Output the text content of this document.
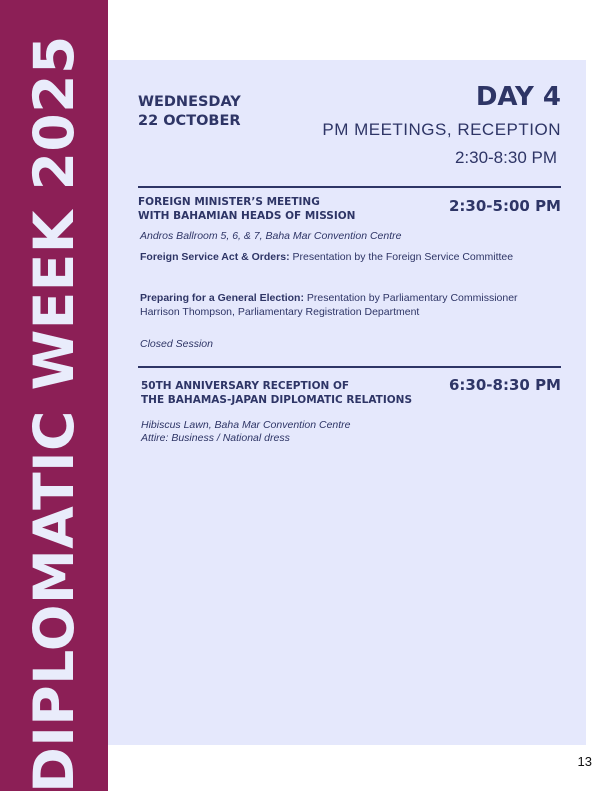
DIPLOMATIC WEEK 2025	WEDNESDAY
22 OCTOBER
DAY 4
PM MEETINGS, RECEPTION
2:30-8:30 PM
FOREIGN MINISTER’S MEETING
WITH BAHAMIAN HEADS OF MISSION
2:30-5:00 PM
Andros Ballroom 5, 6, & 7, Baha Mar Convention Centre
Foreign Service Act & Orders: Presentation by the Foreign Service Committee
Preparing for a General Election: Presentation by Parliamentary Commissioner Harrison Thompson, Parliamentary Registration Department
Closed Session
50TH ANNIVERSARY RECEPTION OF
THE BAHAMAS-JAPAN DIPLOMATIC RELATIONS
6:30-8:30 PM
Hibiscus Lawn, Baha Mar Convention Centre
Attire: Business / National dress
13
